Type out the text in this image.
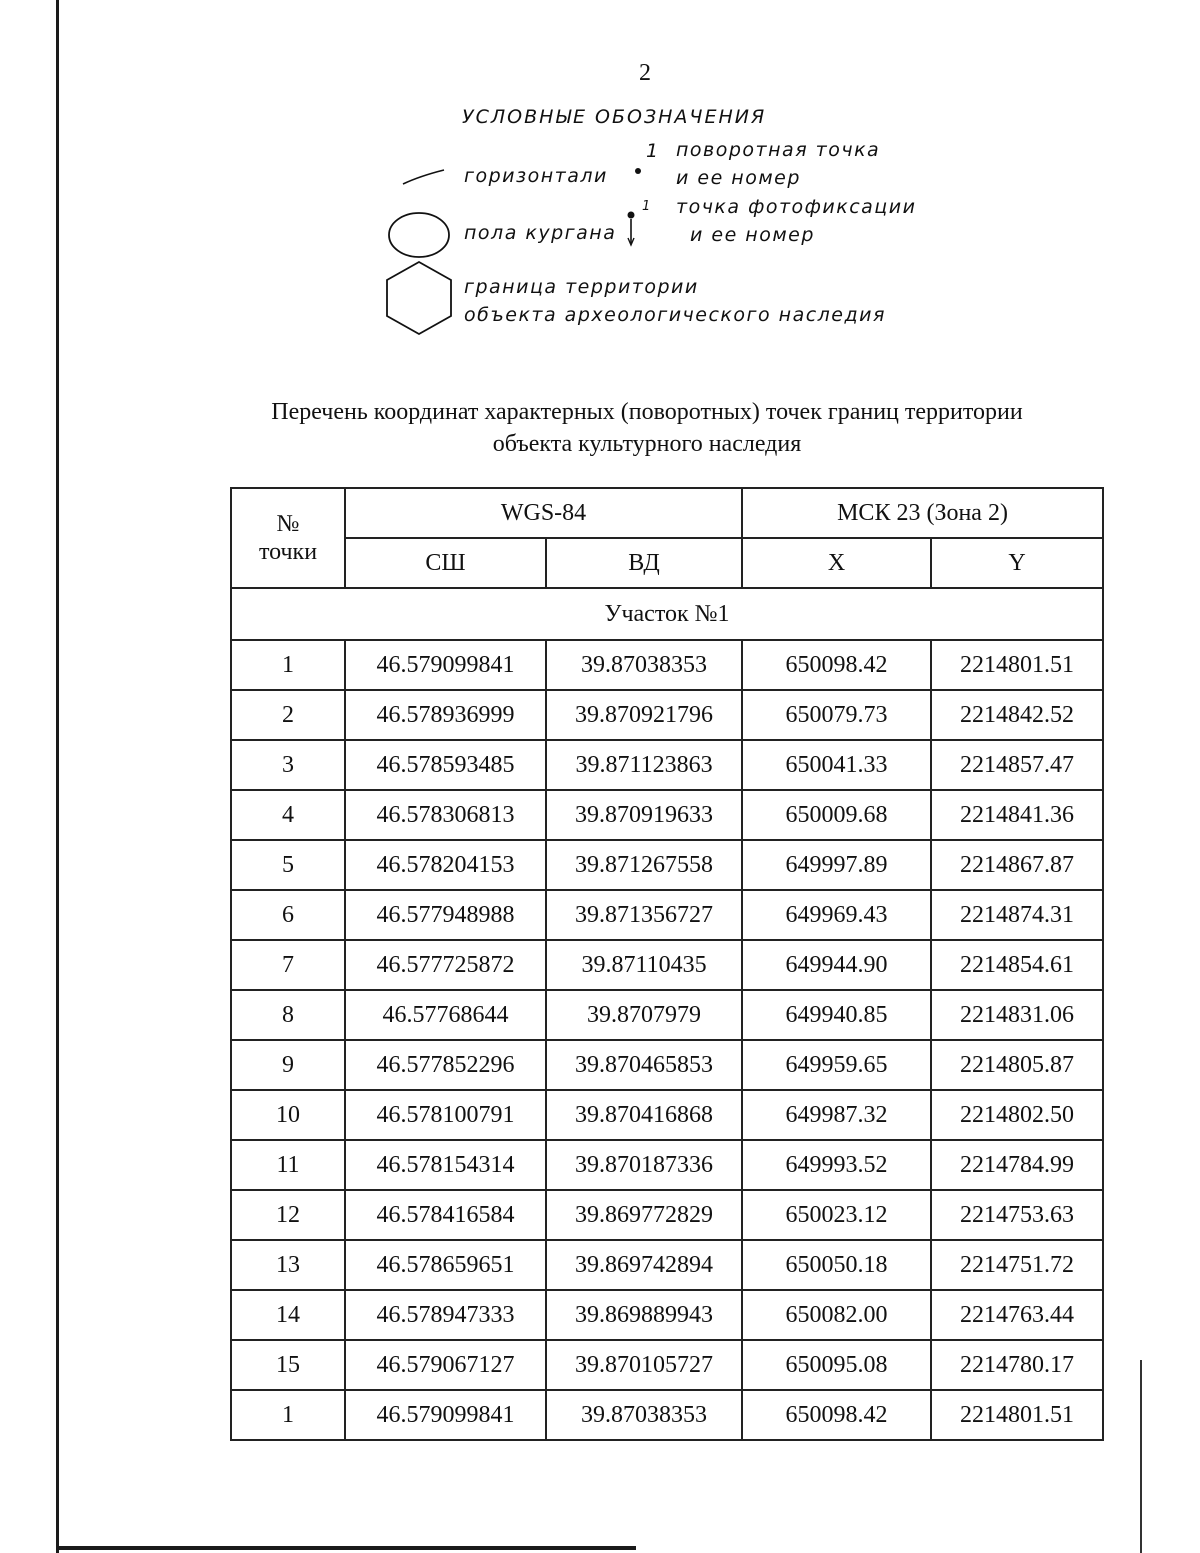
2
УСЛОВНЫЕ ОБОЗНАЧЕНИЯ
горизонтали
1 поворотная точка
и ее номер
пола кургана
1 точка фотофиксации
и ее номер
граница территории
объекта археологического наследия
Перечень координат характерных (поворотных) точек границ территории
объекта культурного наследия
№
точки	WGS-84		МСК 23 (Зона 2)	
	СШ	ВД	X	Y
Участок №1				
1	46.579099841	39.87038353	650098.42	2214801.51
2	46.578936999	39.870921796	650079.73	2214842.52
3	46.578593485	39.871123863	650041.33	2214857.47
4	46.578306813	39.870919633	650009.68	2214841.36
5	46.578204153	39.871267558	649997.89	2214867.87
6	46.577948988	39.871356727	649969.43	2214874.31
7	46.577725872	39.87110435	649944.90	2214854.61
8	46.57768644	39.8707979	649940.85	2214831.06
9	46.577852296	39.870465853	649959.65	2214805.87
10	46.578100791	39.870416868	649987.32	2214802.50
11	46.578154314	39.870187336	649993.52	2214784.99
12	46.578416584	39.869772829	650023.12	2214753.63
13	46.578659651	39.869742894	650050.18	2214751.72
14	46.578947333	39.869889943	650082.00	2214763.44
15	46.579067127	39.870105727	650095.08	2214780.17
1	46.579099841	39.87038353	650098.42	2214801.51
